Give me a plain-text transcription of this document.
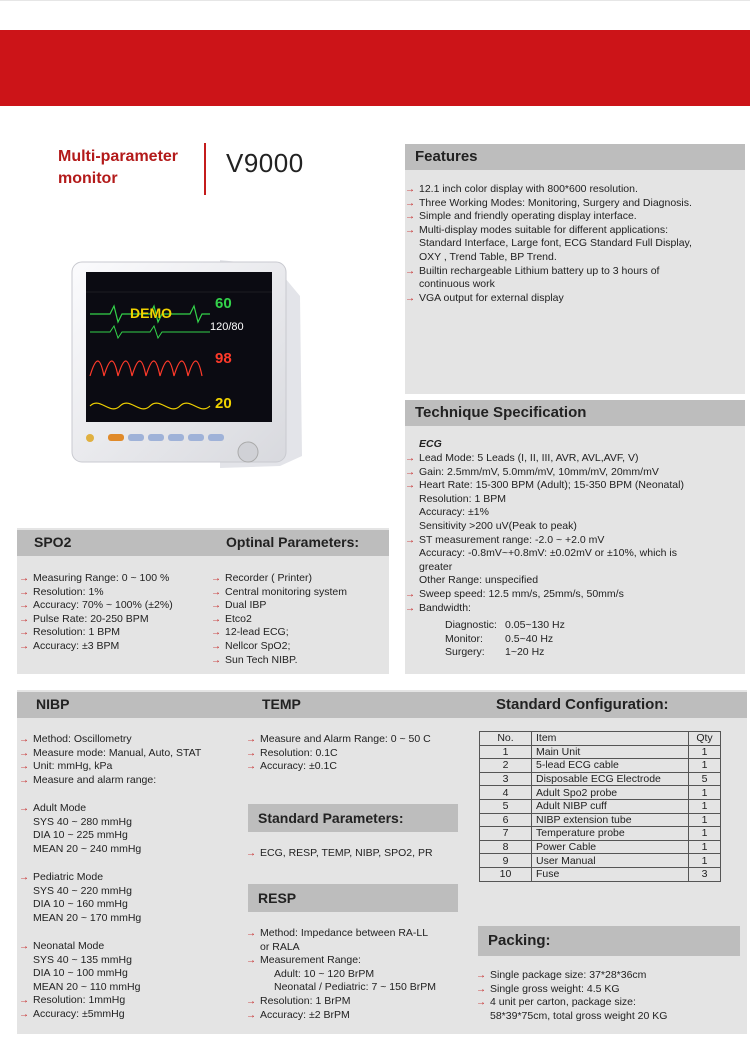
Multi-parameter
monitor
V9000
DEMO
60
120/80
98
20
Features
→ 12.1 inch color display with 800*600 resolution.
→ Three Working Modes: Monitoring, Surgery and Diagnosis.
→ Simple and friendly operating display interface.
→ Multi-display modes suitable for different applications:
Standard Interface, Large font, ECG Standard Full Display,
OXY , Trend Table, BP Trend.
→ Builtin rechargeable Lithium battery up to 3 hours of
continuous work
→ VGA output for external display
Technique Specification
ECG
→ Lead Mode: 5 Leads (I, II, III, AVR, AVL,AVF, V)
→ Gain: 2.5mm/mV, 5.0mm/mV, 10mm/mV, 20mm/mV
→ Heart Rate: 15-300 BPM (Adult); 15-350 BPM (Neonatal)
Resolution: 1 BPM
Accuracy: ±1%
Sensitivity >200 uV(Peak to peak)
→ ST measurement range: -2.0 ~ +2.0 mV
Accuracy: -0.8mV~+0.8mV: ±0.02mV or ±10%, which is
greater
Other Range: unspecified
→ Sweep speed: 12.5 mm/s, 25mm/s, 50mm/s
→ Bandwidth:
Diagnostic: 0.05~130 Hz
Monitor: 0.5~40 Hz
Surgery: 1~20 Hz
SPO2	Optinal Parameters:
→ Measuring Range: 0 ~ 100 %
→ Resolution: 1%
→ Accuracy: 70% ~ 100% (±2%)
→ Pulse Rate: 20-250 BPM
→ Resolution: 1 BPM
→ Accuracy: ±3 BPM
→ Recorder ( Printer)
→ Central monitoring system
→ Dual IBP
→ Etco2
→ 12-lead ECG;
→ Nellcor SpO2;
→ Sun Tech NIBP.
NIBP	TEMP	Standard Configuration:
→ Method: Oscillometry
→ Measure mode: Manual, Auto, STAT
→ Unit: mmHg, kPa
→ Measure and alarm range:
→ Adult Mode
SYS 40 ~ 280 mmHg
DIA 10 ~ 225 mmHg
MEAN 20 ~ 240 mmHg
→ Pediatric Mode
SYS 40 ~ 220 mmHg
DIA 10 ~ 160 mmHg
MEAN 20 ~ 170 mmHg
→ Neonatal Mode
SYS 40 ~ 135 mmHg
DIA 10 ~ 100 mmHg
MEAN 20 ~ 110 mmHg
→ Resolution: 1mmHg
→ Accuracy: ±5mmHg
→ Measure and Alarm Range: 0 ~ 50 C
→ Resolution: 0.1C
→ Accuracy: ±0.1C
Standard Parameters:
→ ECG, RESP, TEMP, NIBP, SPO2, PR
RESP
→ Method: Impedance between RA-LL
or RALA
→ Measurement Range:
Adult: 10 ~ 120 BrPM
Neonatal / Pediatric: 7 ~ 150 BrPM
→ Resolution: 1 BrPM
→ Accuracy: ±2 BrPM
No.	Item	Qty
1	Main Unit	1
2	5-lead ECG cable	1
3	Disposable ECG Electrode	5
4	Adult Spo2 probe	1
5	Adult NIBP cuff	1
6	NIBP extension tube	1
7	Temperature probe	1
8	Power Cable	1
9	User Manual	1
10	Fuse	3
Packing:
→ Single package size: 37*28*36cm
→ Single gross weight: 4.5 KG
→ 4 unit per carton, package size:
58*39*75cm, total gross weight 20 KG
